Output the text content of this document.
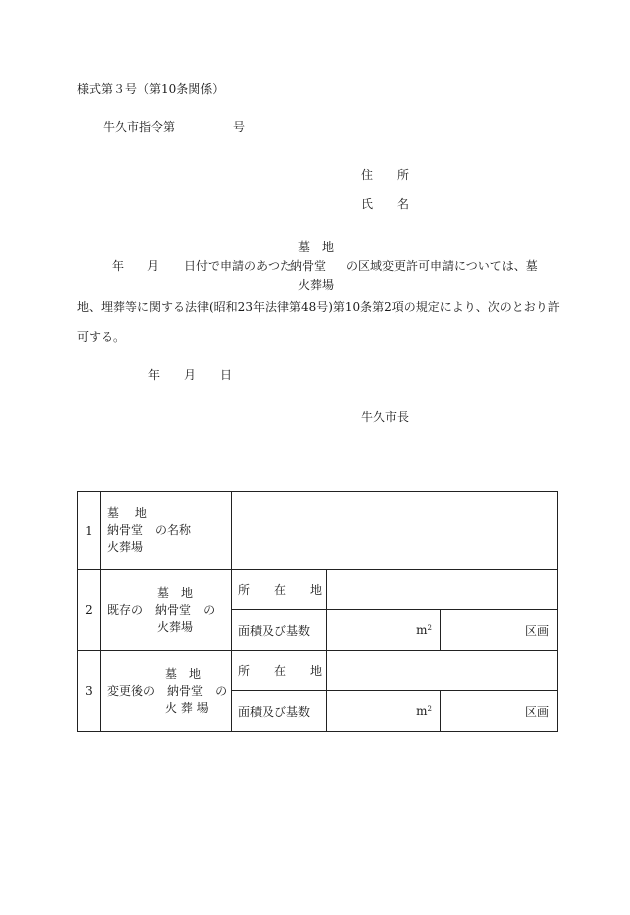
様式第３号（第10条関係）
牛久市指令第	号
住　　所
氏　　名
墓　地
年 月 日付で申請のあつた
納骨堂 の区域変更許可申請については、墓
火葬場
地、埋葬等に関する法律(昭和23年法律第48号)第10条第2項の規定により、次のとおり許
可する。
年 月 日
牛久市長
1	墓　 地
納骨堂　 の名称
火葬場			

2	墓　地
既存の　 納骨堂　 の
火葬場	所　　在　　地		
		面積及び基数	$m^2$	区画
3	墓　地
変更後の　 納骨堂　 の
火 葬 場	所　　在　　地		
		面積及び基数	$m^2$	区画
